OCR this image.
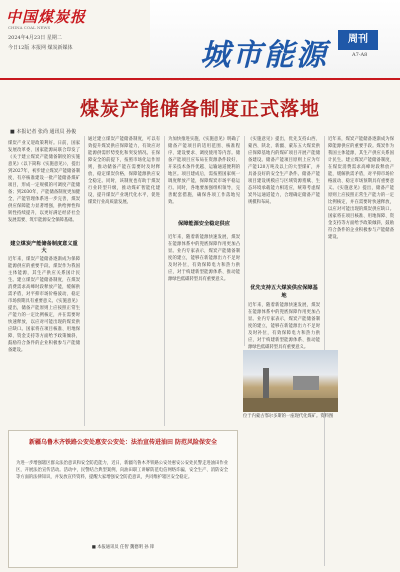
中国煤炭报
CHINA COAL NEWS
2024年4月23日 星期二
今日12版 本报网 煤炭新媒体	城市能源	周刊
A7-A8
煤炭产能储备制度正式落地
■ 本报记者 张尚 通讯员 孙俊
煤炭产业又迎政策利好。日前，国家发展改革委、国家能源局联合印发了《关于建立煤炭产能储备制度的实施意见》（以下简称《实施意见》），提出到2027年，初步建立煤炭产能储备制度，有序核准建设一批产能储备煤矿项目，形成一定规模的可调度产能储备；到2030年，产能储备制度更加健全，产能管理体系进一步完善，煤炭供应保障能力显著增强，供给弹性和韧性持续提升，以更好满足经济社会发展需要、筑牢能源安全保障基础。
建立煤炭产能储备制度意义重大
近年来，煤炭产能储备逐渐成为保障能源供应的重要手段。煤炭作为我国主体能源，其生产供应关系国计民生。建立煤炭产能储备制度，在煤炭消费需求高峰时段释放产能，缓解供需矛盾，对平抑市场价格波动、稳定市场预期具有重要意义。《实施意见》提出，储备产能原则上应按照正常生产能力的一定比例核定，并在需要时快速释放，以应对可能出现的煤炭供应缺口。国家将在项目核准、用地保障、资金支持等方面给予政策倾斜，鼓励符合条件的企业积极参与产能储备建设。
通过建立煤炭产能储备制度，可以有效提升煤炭供应保障能力，有效应对能源供需形势变化和突发情况。在保障安全的前提下，按照市场化运作原则，推动储备产能在需要时及时释放，稳定煤炭价格，保障能源供应安全稳定。同时，该制度也有助于煤炭行业转型升级，推动煤矿智能化建设，提升煤炭产业现代化水平，促进煤炭行业高质量发展。
为加快推进实施，《实施意见》明确了储备产能项目的适用范围、核准程序、建设要求、调度使用等内容。储备产能项目应布局在资源条件较好、开采技术条件优越、运输通道便利的地区。项目建成后，需按照国家统一调度释放产能，保障煤炭市场平稳运行。同时，各地要加强组织领导，完善配套措施，确保各项工作落地见效。
保障能源安全稳定供应
近年来，随着新能源快速发展，煤炭在能源体系中的兜底保障作用更加凸显。业内专家表示，煤炭产能储备制度的建立，能够在新能源出力不足时及时补位，有效保障电力和热力供应，对于构建新型能源体系、推动能源绿色低碳转型具有重要意义。
《实施意见》提出，优先支持山西、蒙西、陕北、新疆、蒙东五大煤炭供应保障基地内的煤矿项目开展产能储备建设。储备产能项目原则上应为年产能120万吨及以上的大型煤矿，并具备良好的安全生产条件。储备产能项目建设规模应与区域资源禀赋、生态环境承载能力相适应，统筹考虑煤炭外运通道能力，合理确定储备产能规模和布局。
优先支持五大煤炭供应保障基地
近年来，随着新能源快速发展，煤炭在能源体系中的兜底保障作用更加凸显。业内专家表示，煤炭产能储备制度的建立，能够在新能源出力不足时及时补位，有效保障电力和热力供应，对于构建新型能源体系、推动能源绿色低碳转型具有重要意义。
近年来，煤炭产能储备逐渐成为保障能源供应的重要手段。煤炭作为我国主体能源，其生产供应关系国计民生。建立煤炭产能储备制度，在煤炭消费需求高峰时段释放产能，缓解供需矛盾，对平抑市场价格波动、稳定市场预期具有重要意义。《实施意见》提出，储备产能原则上应按照正常生产能力的一定比例核定，并在需要时快速释放，以应对可能出现的煤炭供应缺口。国家将在项目核准、用地保障、资金支持等方面给予政策倾斜，鼓励符合条件的企业积极参与产能储备建设。
位于内蒙古鄂尔多斯的一座现代化煤矿。资料图
新疆乌鲁木齐铁路公安处惠安公安处：法治宣传进油田 防范风险保安全
为进一步增强辖区群众法治意识和安全防范能力，近日，新疆乌鲁木齐铁路公安处惠安公安处民警走进油田作业区，开展法治宣传活动。活动中，民警结合典型案例，向油田职工讲解防范电信网络诈骗、安全生产、消防安全等方面的法律知识，并发放宣传资料，提醒大家增强安全防范意识，共同维护辖区安全稳定。
■ 本报通讯员 任智 魏德明 孙 锋
